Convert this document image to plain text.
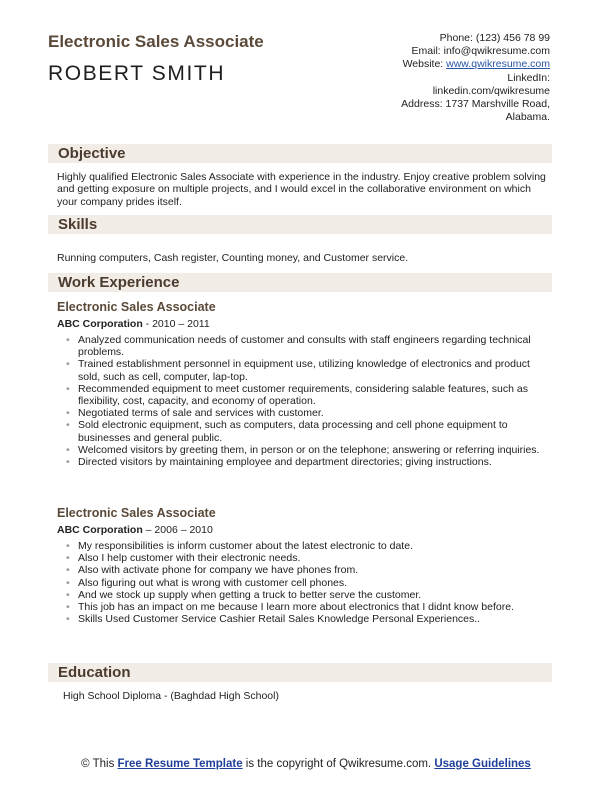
Electronic Sales Associate
ROBERT SMITH
Phone: (123) 456 78 99
Email: info@qwikresume.com
Website: www.qwikresume.com
LinkedIn:
linkedin.com/qwikresume
Address: 1737 Marshville Road,
Alabama.
Objective
Highly qualified Electronic Sales Associate with experience in the industry. Enjoy creative problem solving and getting exposure on multiple projects, and I would excel in the collaborative environment on which your company prides itself.
Skills
Running computers, Cash register, Counting money, and Customer service.
Work Experience
Electronic Sales Associate
ABC Corporation - 2010 – 2011
• Analyzed communication needs of customer and consults with staff engineers regarding technical problems.
• Trained establishment personnel in equipment use, utilizing knowledge of electronics and product sold, such as cell, computer, lap-top.
• Recommended equipment to meet customer requirements, considering salable features, such as flexibility, cost, capacity, and economy of operation.
• Negotiated terms of sale and services with customer.
• Sold electronic equipment, such as computers, data processing and cell phone equipment to businesses and general public.
• Welcomed visitors by greeting them, in person or on the telephone; answering or referring inquiries.
• Directed visitors by maintaining employee and department directories; giving instructions.
Electronic Sales Associate
ABC Corporation – 2006 – 2010
• My responsibilities is inform customer about the latest electronic to date.
• Also I help customer with their electronic needs.
• Also with activate phone for company we have phones from.
• Also figuring out what is wrong with customer cell phones.
• And we stock up supply when getting a truck to better serve the customer.
• This job has an impact on me because I learn more about electronics that I didnt know before.
• Skills Used Customer Service Cashier Retail Sales Knowledge Personal Experiences..
Education
High School Diploma - (Baghdad High School)
© This Free Resume Template is the copyright of Qwikresume.com. Usage Guidelines
